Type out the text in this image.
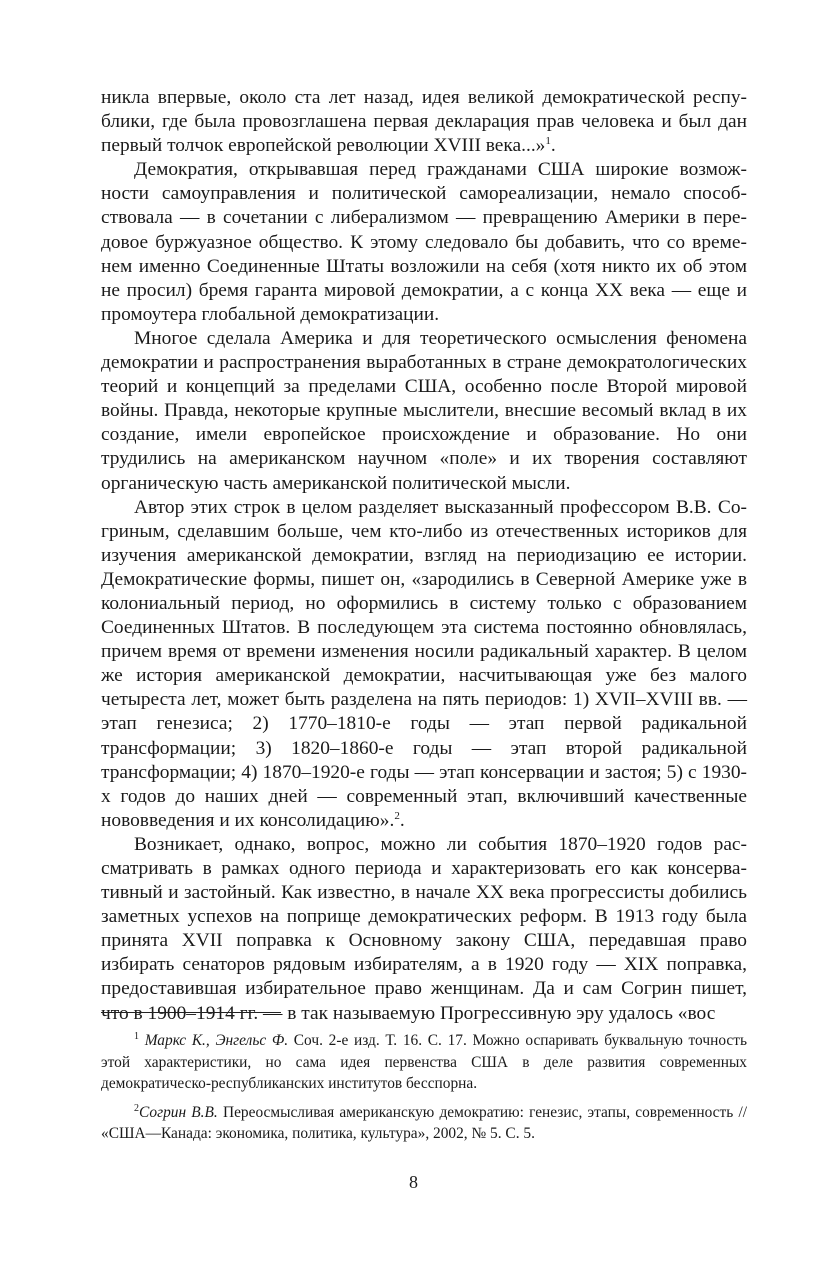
никла впервые, около ста лет назад, идея великой демократической республики, где была провозглашена первая декларация прав человека и был дан первый толчок европейской революции XVIII века...»$^1$.

Демократия, открывавшая перед гражданами США широкие возможности самоуправления и политической самореализации, немало способствовала — в сочетании с либерализмом — превращению Америки в передовое буржуазное общество. К этому следовало бы добавить, что со временем именно Соединенные Штаты возложили на себя (хотя никто их об этом не просил) бремя гаранта мировой демократии, а с конца XX века — еще и промоутера глобальной демократизации.

Многое сделала Америка и для теоретического осмысления феномена демократии и распространения выработанных в стране демократологических теорий и концепций за пределами США, особенно после Второй мировой войны. Правда, некоторые крупные мыслители, внесшие весомый вклад в их создание, имели европейское происхождение и образование. Но они трудились на американском научном «поле» и их творения составляют органическую часть американской политической мысли.

Автор этих строк в целом разделяет высказанный профессором В.В. Согриным, сделавшим больше, чем кто-либо из отечественных историков для изучения американской демократии, взгляд на периодизацию ее истории. Демократические формы, пишет он, «зародились в Северной Америке уже в колониальный период, но оформились в систему только с образованием Соединенных Штатов. В последующем эта система постоянно обновлялась, причем время от времени изменения носили радикальный характер. В целом же история американской демократии, насчитывающая уже без малого четыреста лет, может быть разделена на пять периодов: 1) XVII–XVIII вв. — этап генезиса; 2) 1770–1810-е годы — этап первой радикальной трансформации; 3) 1820–1860-е годы — этап второй радикальной трансформации; 4) 1870–1920-е годы — этап консервации и застоя; 5) с 1930-х годов до наших дней — современный этап, включивший качественные нововведения и их консолидацию».$^2$.

Возникает, однако, вопрос, можно ли события 1870–1920 годов рассматривать в рамках одного периода и характеризовать его как консервативный и застойный. Как известно, в начале XX века прогрессисты добились заметных успехов на поприще демократических реформ. В 1913 году была принята XVII поправка к Основному закону США, передавшая право избирать сенаторов рядовым избирателям, а в 1920 году — XIX поправка, предоставившая избирательное право женщинам. Да и сам Согрин пишет, что в 1900–1914 гг. — в так называемую Прогрессивную эру удалось «вос

$^1$ Маркс К., Энгельс Ф. Соч. 2-е изд. Т. 16. С. 17. Можно оспаривать буквальную точность этой характеристики, но сама идея первенства США в деле развития современных демократическо-республиканских институтов бесспорна.

$^2$Согрин В.В. Переосмысливая американскую демократию: генезис, этапы, современность // «США—Канада: экономика, политика, культура», 2002, № 5. С. 5.

8
